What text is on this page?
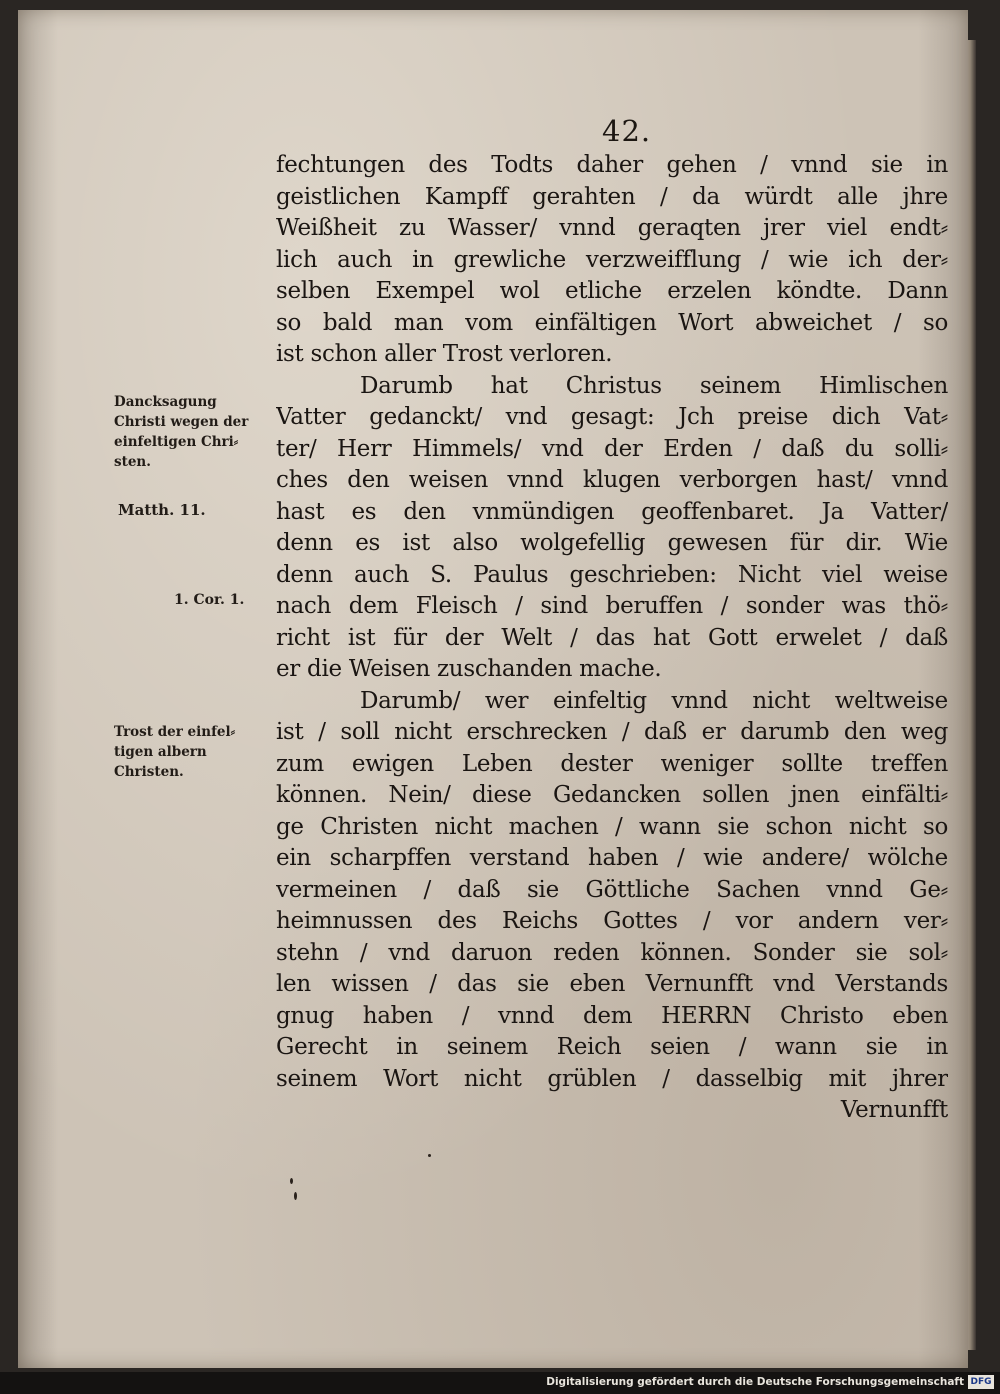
42.
fechtungen des Todts daher gehen / vnnd sie in
geistlichen Kampff gerahten / da würdt alle jhre
Weißheit zu Wasser/ vnnd geraqten jrer viel endt⸗
lich auch in grewliche verzweifflung / wie ich der⸗
selben Exempel wol etliche erzelen köndte. Dann
so bald man vom einfältigen Wort abweichet / so
ist schon aller Trost verloren.
Darumb hat Christus seinem Himlischen
Vatter gedanckt/ vnd gesagt: Jch preise dich Vat⸗
ter/ Herr Himmels/ vnd der Erden / daß du solli⸗
ches den weisen vnnd klugen verborgen hast/ vnnd
hast es den vnmündigen geoffenbaret. Ja Vatter/
denn es ist also wolgefellig gewesen für dir. Wie
denn auch S. Paulus geschrieben: Nicht viel weise
nach dem Fleisch / sind beruffen / sonder was thö⸗
richt ist für der Welt / das hat Gott erwelet / daß
er die Weisen zuschanden mache.
Darumb/ wer einfeltig vnnd nicht weltweise
ist / soll nicht erschrecken / daß er darumb den weg
zum ewigen Leben dester weniger sollte treffen
können. Nein/ diese Gedancken sollen jnen einfälti⸗
ge Christen nicht machen / wann sie schon nicht so
ein scharpffen verstand haben / wie andere/ wölche
vermeinen / daß sie Göttliche Sachen vnnd Ge⸗
heimnussen des Reichs Gottes / vor andern ver⸗
stehn / vnd daruon reden können. Sonder sie sol⸗
len wissen / das sie eben Vernunfft vnd Verstands
gnug haben / vnnd dem HERRN Christo eben
Gerecht in seinem Reich seien / wann sie in
seinem Wort nicht grüblen / dasselbig mit jhrer
Vernunfft
Dancksagung
Christi wegen der
einfeltigen Chri⸗
sten.
Matth. 11.
1. Cor. 1.
Trost der einfel⸗
tigen albern
Christen.
Digitalisierung gefördert durch die Deutsche Forschungsgemeinschaft DFG
